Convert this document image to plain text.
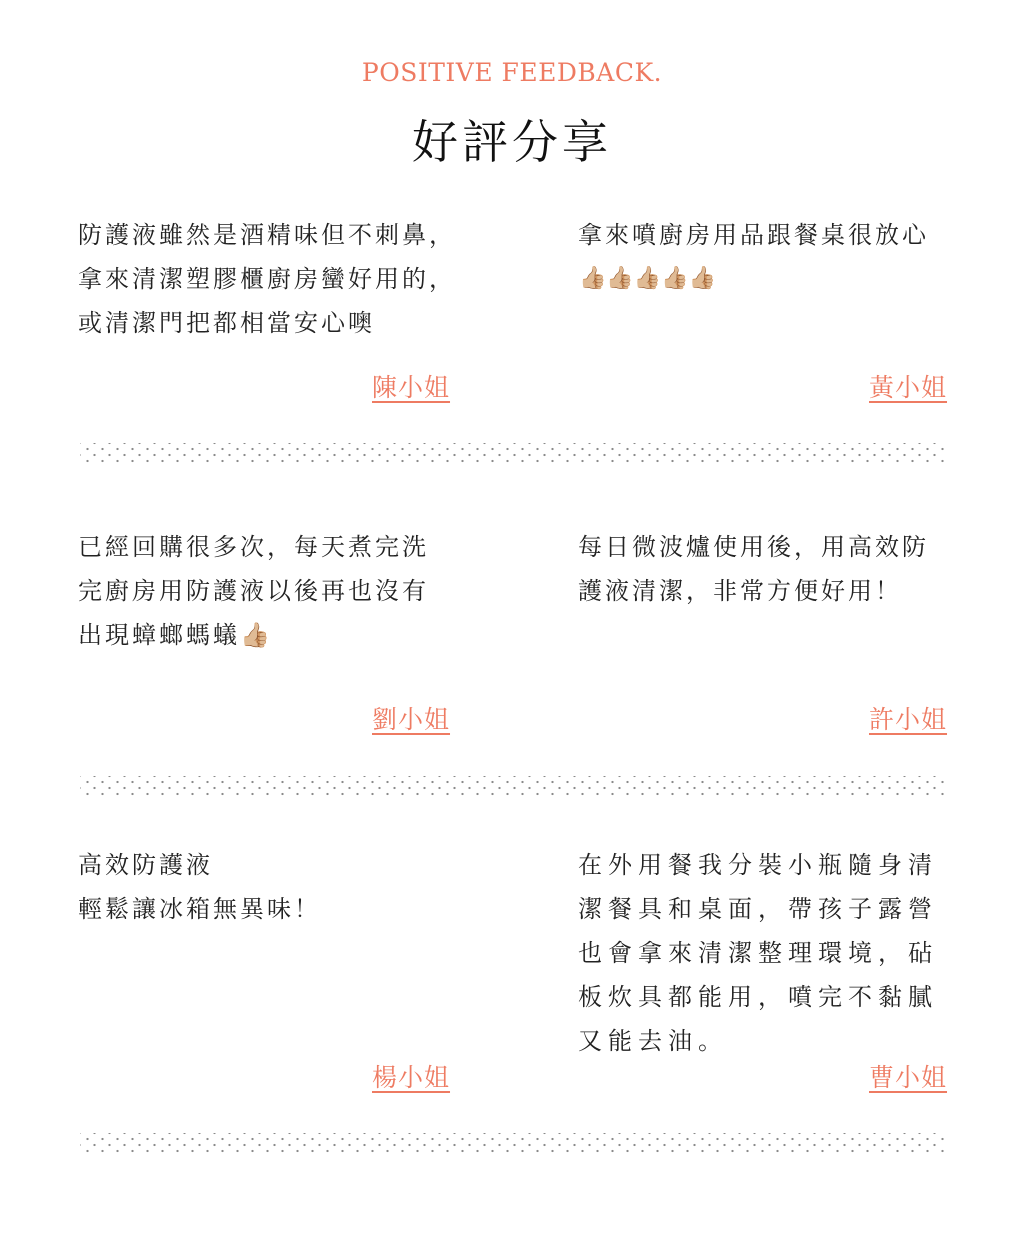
POSITIVE FEEDBACK.
好評分享
防護液雖然是酒精味但不刺鼻，
拿來清潔塑膠櫃廚房蠻好用的，
或清潔門把都相當安心噢
陳小姐
拿來噴廚房用品跟餐桌很放心
👍🏼👍🏼👍🏼👍🏼👍🏼
黃小姐
已經回購很多次，每天煮完洗
完廚房用防護液以後再也沒有
出現蟑螂螞蟻👍🏼
劉小姐
每日微波爐使用後，用高效防
護液清潔，非常方便好用！
許小姐
高效防護液
輕鬆讓冰箱無異味！
楊小姐
在外用餐我分裝小瓶隨身清
潔餐具和桌面，帶孩子露營
也會拿來清潔整理環境，砧
板炊具都能用，噴完不黏膩
又能去油。
曹小姐
